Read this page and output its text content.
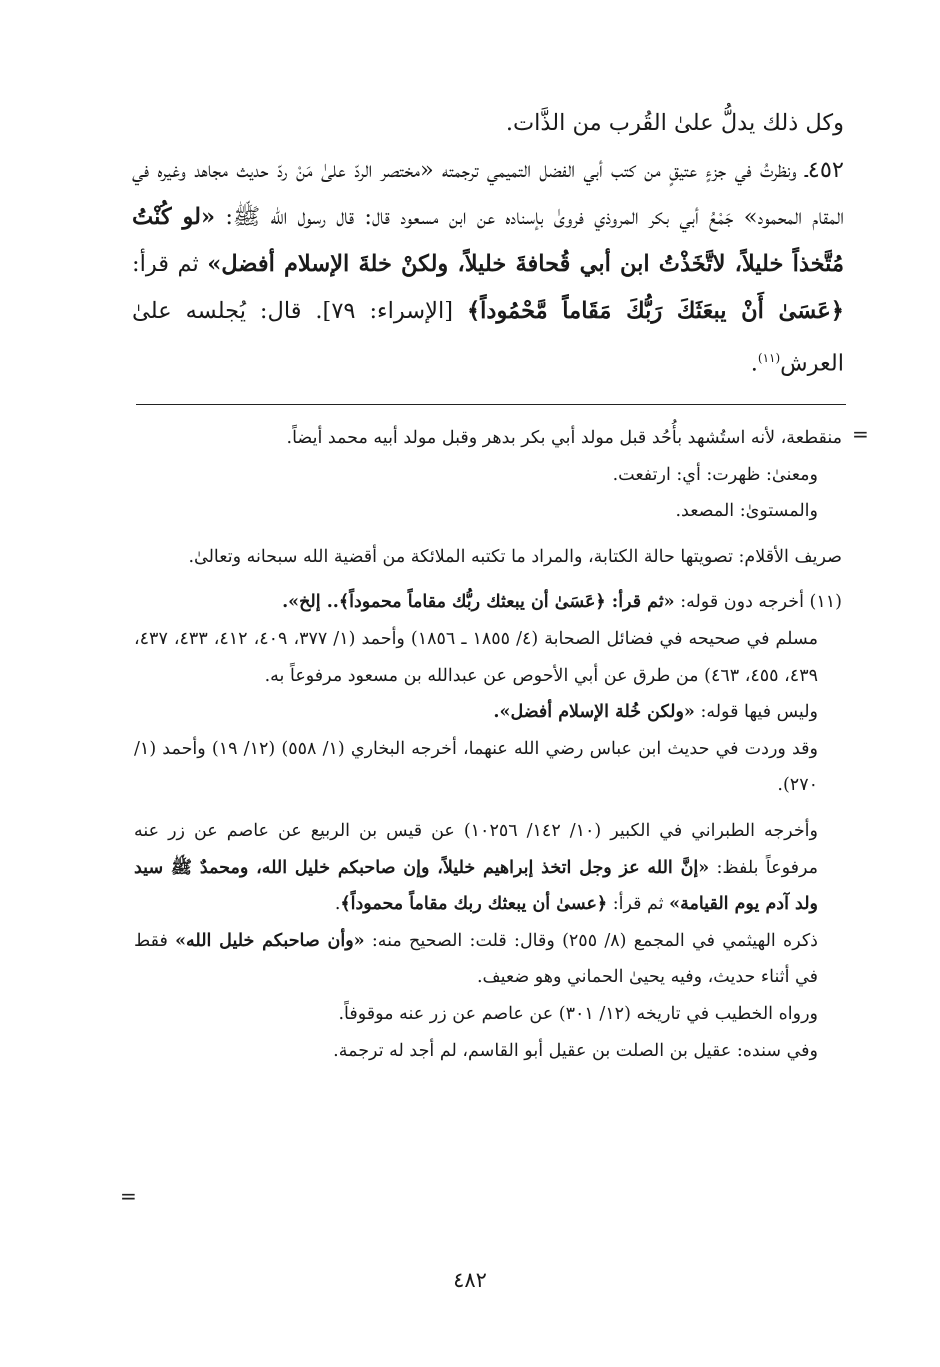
وكل ذلك يدلُّ علىٰ القُرب من الذَّات.

٤٥٢ـ ونظرتُ في جزءٍ عتيقٍ من كتب أبي الفضل التميمي ترجمته «مختصر الردّ علىٰ مَنْ ردّ حديث مجاهد وغيره في المقام المحمود» جَمْعُ أبي بكر المروذي فروىٰ بإسناده عن ابن مسعود قال: قال رسول الله ﷺ: «لو كُنْتُ مُتَّخذاً خليلاً، لاتَّخَذْتُ ابن أبي قُحافةَ خليلاً، ولكنْ خلةَ الإسلام أفضل» ثم قرأ: ﴿عَسَىٰ أَنْ يبعَثَكَ رَبُّكَ مَقَاماً مَّحْمُوداً﴾ [الإسراء: ٧٩]. قال: يُجلسه علىٰ العرش$^{(١١)}$.

=
=

منقطعة، لأنه استُشهد بأُحُد قبل مولد أبي بكر بدهر وقبل مولد أبيه محمد أيضاً.

ومعنىٰ: ظهرت: أي: ارتفعت.

والمستوىٰ: المصعد.

صريف الأقلام: تصويتها حالة الكتابة، والمراد ما تكتبه الملائكة من أقضية الله سبحانه وتعالىٰ.

(١١) أخرجه دون قوله: «ثم قرأ: ﴿عَسَىٰ أن يبعثك ربُّك مقاماً محموداً﴾.. إلخ».

مسلم في صحيحه في فضائل الصحابة (٤/ ١٨٥٥ ـ ١٨٥٦) وأحمد (١/ ٣٧٧، ٤٠٩، ٤١٢، ٤٣٣، ٤٣٧، ٤٣٩، ٤٥٥، ٤٦٣) من طرق عن أبي الأحوص عن عبدالله بن مسعود مرفوعاً به.

وليس فيها قوله: «ولكن خُلة الإسلام أفضل».

وقد وردت في حديث ابن عباس رضي الله عنهما، أخرجه البخاري (١/ ٥٥٨) (١٢/ ١٩) وأحمد (١/ ٢٧٠).

وأخرجه الطبراني في الكبير (١٠/ ١٤٢/ ١٠٢٥٦) عن قيس بن الربيع عن عاصم عن زر عنه مرفوعاً بلفظ: «إنَّ الله عز وجل اتخذ إبراهيم خليلاً، وإن صاحبكم خليل الله، ومحمدٌ ﷺ سيد ولد آدم يوم القيامة» ثم قرأ: ﴿عسىٰ أن يبعثك ربك مقاماً محموداً﴾.

ذكره الهيثمي في المجمع (٨/ ٢٥٥) وقال: قلت: الصحيح منه: «وأن صاحبكم خليل الله» فقط في أثناء حديث، وفيه يحيىٰ الحماني وهو ضعيف.

ورواه الخطيب في تاريخه (١٢/ ٣٠١) عن عاصم عن زر عنه موقوفاً.

وفي سنده: عقيل بن الصلت بن عقيل أبو القاسم، لم أجد له ترجمة.

٤٨٢
